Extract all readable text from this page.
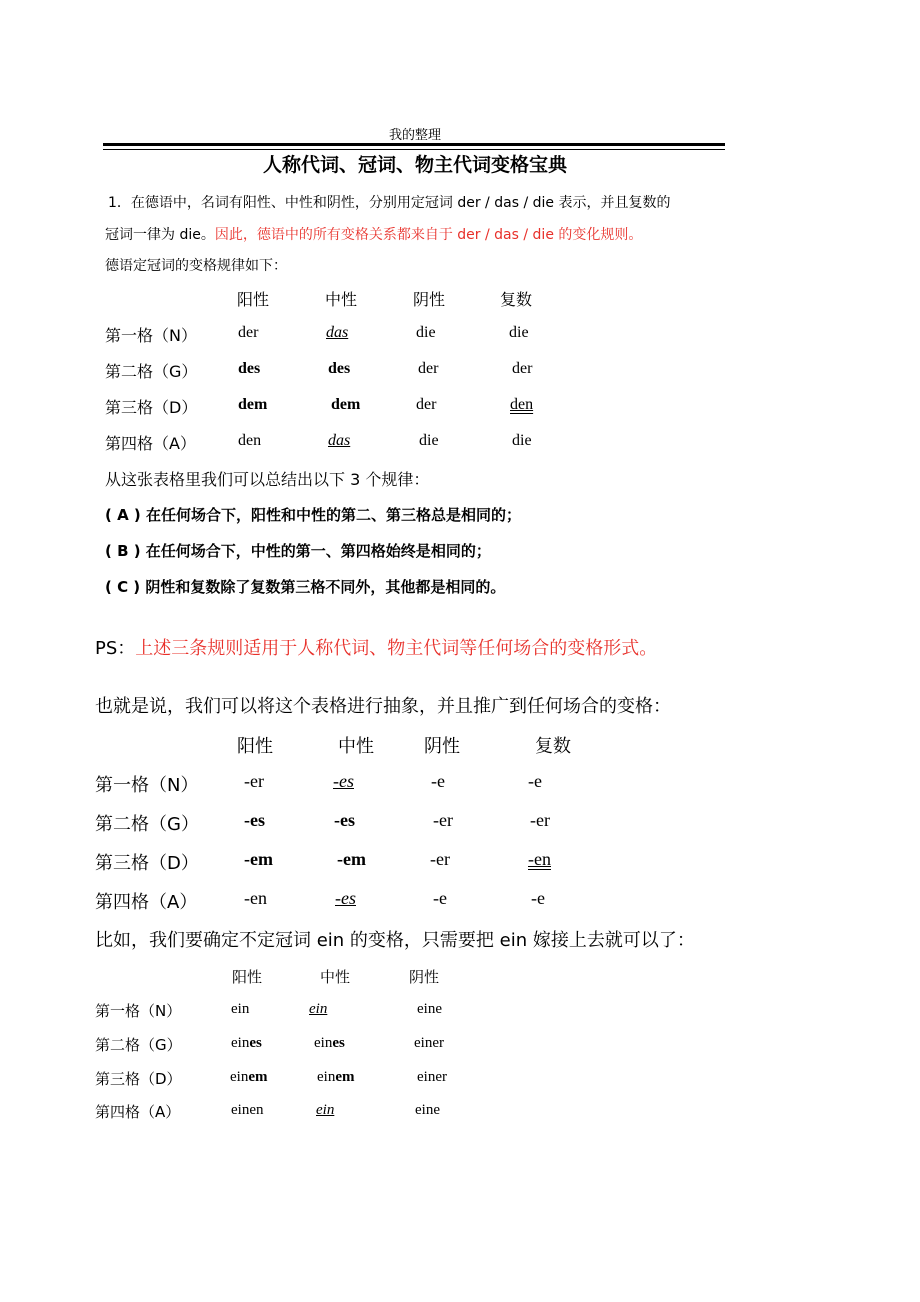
我的整理
人称代词、冠词、物主代词变格宝典
1．在德语中，名词有阳性、中性和阴性，分别用定冠词 der / das / die 表示，并且复数的
冠词一律为 die。因此，德语中的所有变格关系都来自于 der / das / die 的变化规则。
德语定冠词的变格规律如下：
阳性	中性	阴性	复数
第一格（N）	der	das	die	die
第二格（G）	des	des	der	der
第三格（D）	dem	dem	der	den
第四格（A）	den	das	die	die
从这张表格里我们可以总结出以下 3 个规律：
( A ) 在任何场合下，阳性和中性的第二、第三格总是相同的；
( B ) 在任何场合下，中性的第一、第四格始终是相同的；
( C ) 阴性和复数除了复数第三格不同外，其他都是相同的。
PS：上述三条规则适用于人称代词、物主代词等任何场合的变格形式。
也就是说，我们可以将这个表格进行抽象，并且推广到任何场合的变格：
阳性	中性	阴性	复数
第一格（N）	-er	-es	-e	-e
第二格（G）	-es	-es	-er	-er
第三格（D）	-em	-em	-er	-en
第四格（A）	-en	-es	-e	-e
比如，我们要确定不定冠词 ein 的变格，只需要把 ein 嫁接上去就可以了：
阳性	中性	阴性
第一格（N）	ein	ein	eine
第二格（G）	eines	eines	einer
第三格（D）	einem	einem	einer
第四格（A）	einen	ein	eine
